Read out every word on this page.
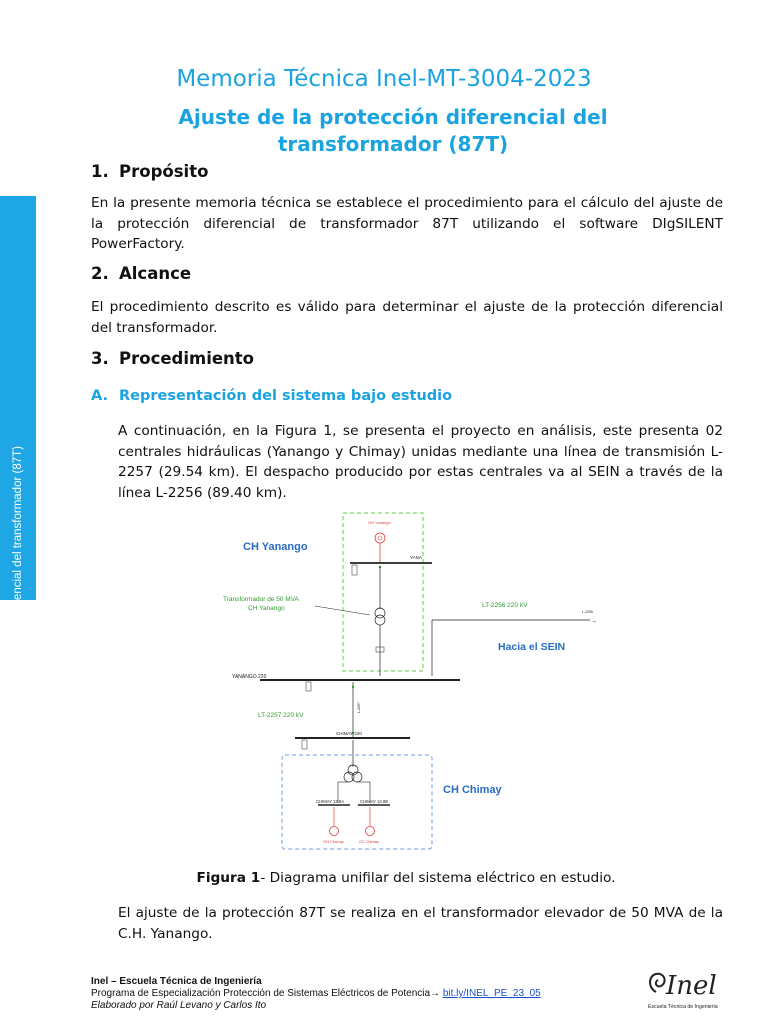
Ajuste de la protección diferencial del transformador (87T)
Memoria Técnica Inel-MT-3004-2023
Ajuste de la protección diferencial del
transformador (87T)
1. Propósito
En la presente memoria técnica se establece el procedimiento para el cálculo del ajuste de la protección diferencial de transformador 87T utilizando el software DIgSILENT PowerFactory.
2. Alcance
El procedimiento descrito es válido para determinar el ajuste de la protección diferencial del transformador.
3. Procedimiento
A. Representación del sistema bajo estudio
A continuación, en la Figura 1, se presenta el proyecto en análisis, este presenta 02 centrales hidráulicas (Yanango y Chimay) unidas mediante una línea de transmisión L-2257 (29.54 km). El despacho producido por estas centrales va al SEIN a través de la línea L-2256 (89.40 km).
CH Yanango
GH Yanango
YANA
Transformador de 50 MVA
CH Yanango	LT-2256 220 kV
L-2256
→
Hacia el SEIN
YANANGO 220
LT-2257 220 kV
L-2257
CHIMAY 220
CHIMAY 13.8A	CHIMAY 13.8B
GH Chimay	G2 Chimay
CH Chimay
Figura 1- Diagrama unifilar del sistema eléctrico en estudio.
El ajuste de la protección 87T se realiza en el transformador elevador de 50 MVA de la C.H. Yanango.
Inel – Escuela Técnica de Ingeniería
Programa de Especialización Protección de Sistemas Eléctricos de Potencia→ bit.ly/INEL_PE_23_05
Elaborado por Raúl Levano y Carlos Ito
Inel
Escuela Técnica de Ingeniería
